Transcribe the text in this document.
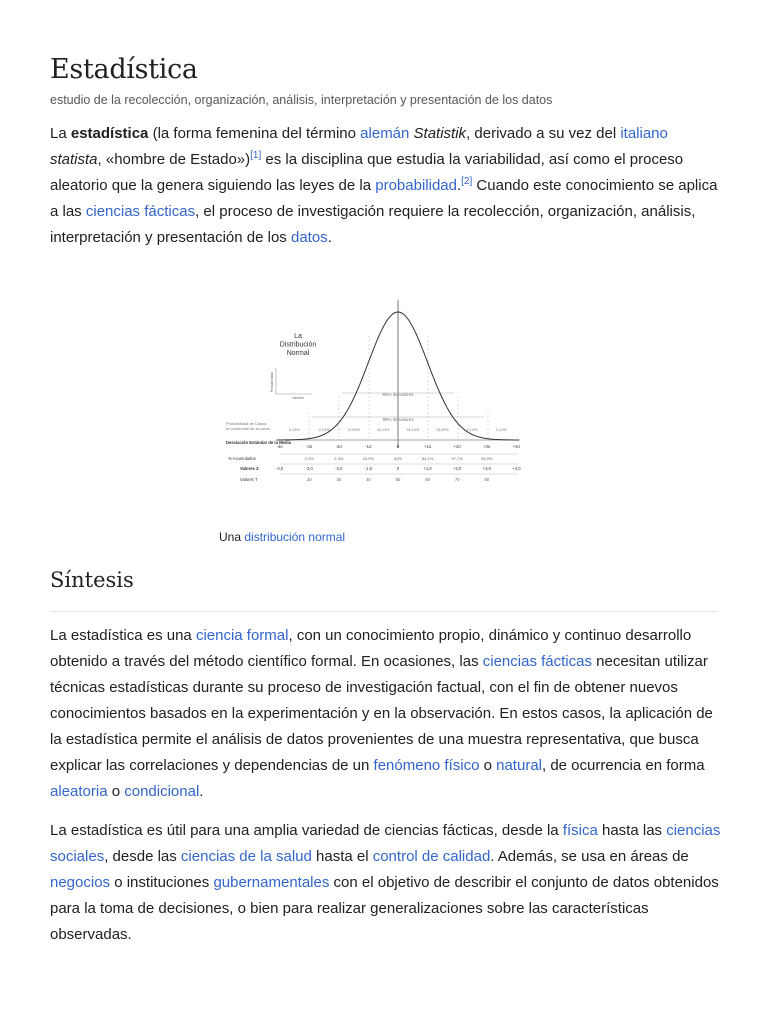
Estadística
estudio de la recolección, organización, análisis, interpretación y presentación de los datos

La estadística (la forma femenina del término alemán Statistik, derivado a su vez del italiano statista, «hombre de Estado»)[1] es la disciplina que estudia la variabilidad, así como el proceso aleatorio que la genera siguiendo las leyes de la probabilidad.[2] Cuando este conocimiento se aplica a las ciencias fácticas, el proceso de investigación requiere la recolección, organización, análisis, interpretación y presentación de los datos.

95% de valores
99% de valores
La
Distribución
Normal
Probabilidad
Valores
Probabilidad de Casos
en porciones de la curva	0,13%	2,14%	13,59%	34,13%	34,13%	13,59%	2,14%	0,13%
Desviación Estándar de la Media
% Acumulados
Valores Z
Valores T
-4σ	-3σ	-2σ	-1σ	0	+1σ	+2σ	+3σ	+4σ
0,1%	2,3%	15,9%	50%	84,1%	97,7%	99,9%
-4,0	-3,0	-2,0	-1,0	0	+1,0	+2,0	+3,0	+4,0
20	30	40	50	60	70	80
Una distribución normal
Síntesis

La estadística es una ciencia formal, con un conocimiento propio, dinámico y continuo desarrollo obtenido a través del método científico formal. En ocasiones, las ciencias fácticas necesitan utilizar técnicas estadísticas durante su proceso de investigación factual, con el fin de obtener nuevos conocimientos basados en la experimentación y en la observación. En estos casos, la aplicación de la estadística permite el análisis de datos provenientes de una muestra representativa, que busca explicar las correlaciones y dependencias de un fenómeno físico o natural, de ocurrencia en forma aleatoria o condicional.

La estadística es útil para una amplia variedad de ciencias fácticas, desde la física hasta las ciencias sociales, desde las ciencias de la salud hasta el control de calidad. Además, se usa en áreas de negocios o instituciones gubernamentales con el objetivo de describir el conjunto de datos obtenidos para la toma de decisiones, o bien para realizar generalizaciones sobre las características observadas.
